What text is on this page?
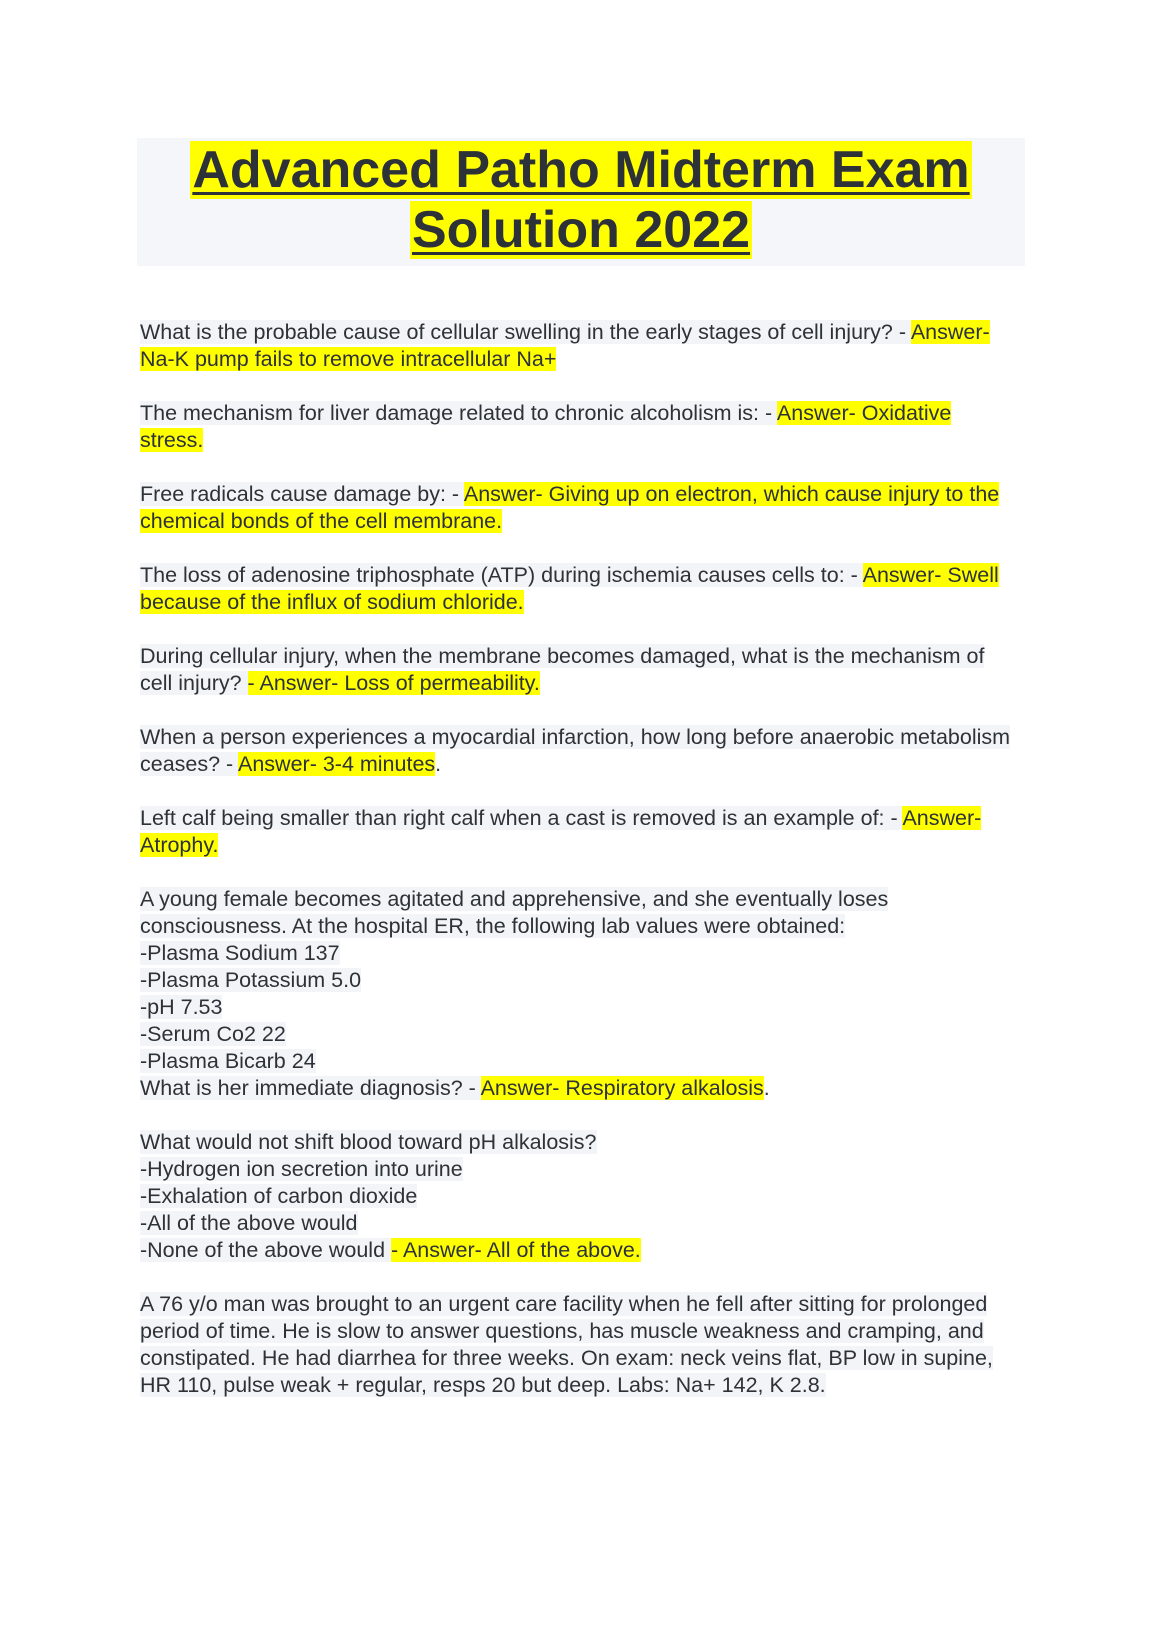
Advanced Patho Midterm Exam
Solution 2022

What is the probable cause of cellular swelling in the early stages of cell injury? - Answer- Na-K pump fails to remove intracellular Na+

The mechanism for liver damage related to chronic alcoholism is: - Answer- Oxidative stress.

Free radicals cause damage by: - Answer- Giving up on electron, which cause injury to the chemical bonds of the cell membrane.

The loss of adenosine triphosphate (ATP) during ischemia causes cells to: - Answer- Swell because of the influx of sodium chloride.

During cellular injury, when the membrane becomes damaged, what is the mechanism of cell injury? - Answer- Loss of permeability.

When a person experiences a myocardial infarction, how long before anaerobic metabolism ceases? - Answer- 3-4 minutes.

Left calf being smaller than right calf when a cast is removed is an example of: - Answer- Atrophy.

A young female becomes agitated and apprehensive, and she eventually loses consciousness. At the hospital ER, the following lab values were obtained:
-Plasma Sodium 137
-Plasma Potassium 5.0
-pH 7.53
-Serum Co2 22
-Plasma Bicarb 24
What is her immediate diagnosis? - Answer- Respiratory alkalosis.

What would not shift blood toward pH alkalosis?
-Hydrogen ion secretion into urine
-Exhalation of carbon dioxide
-All of the above would
-None of the above would - Answer- All of the above.

A 76 y/o man was brought to an urgent care facility when he fell after sitting for prolonged period of time. He is slow to answer questions, has muscle weakness and cramping, and constipated. He had diarrhea for three weeks. On exam: neck veins flat, BP low in supine, HR 110, pulse weak + regular, resps 20 but deep. Labs: Na+ 142, K 2.8.
